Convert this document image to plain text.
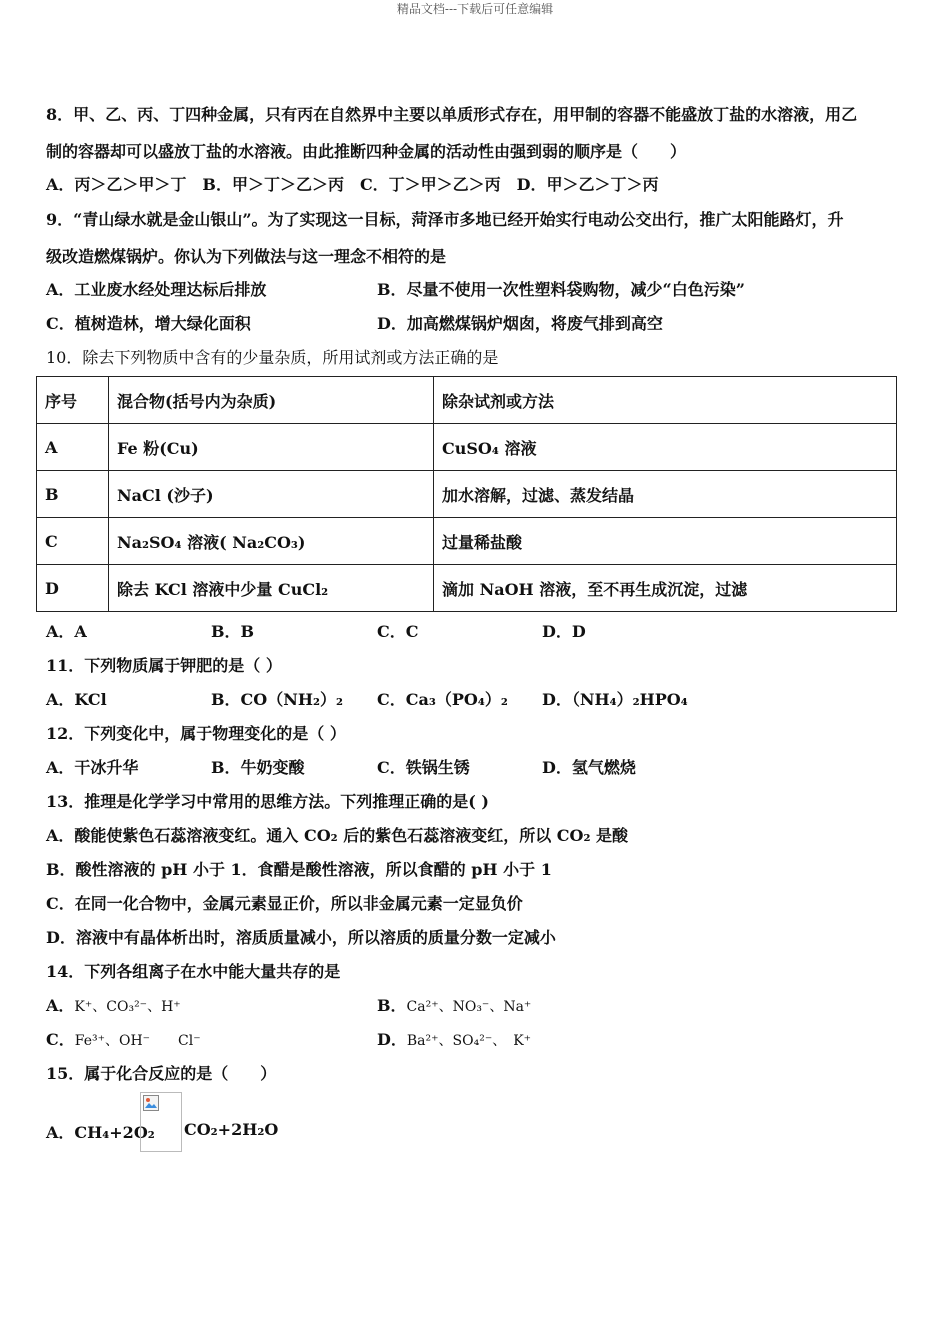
精品文档---下载后可任意编辑
8．甲、乙、丙、丁四种金属，只有丙在自然界中主要以单质形式存在，用甲制的容器不能盛放丁盐的水溶液，用乙
制的容器却可以盛放丁盐的水溶液。由此推断四种金属的活动性由强到弱的顺序是（　　）
A．丙＞乙＞甲＞丁　B．甲＞丁＞乙＞丙　C．丁＞甲＞乙＞丙　D．甲＞乙＞丁＞丙
9．“青山绿水就是金山银山”。为了实现这一目标，菏泽市多地已经开始实行电动公交出行，推广太阳能路灯，升
级改造燃煤锅炉。你认为下列做法与这一理念不相符的是
A．工业废水经处理达标后排放	B．尽量不使用一次性塑料袋购物，减少“白色污染”
C．植树造林，增大绿化面积	D．加高燃煤锅炉烟囱，将废气排到高空
10．除去下列物质中含有的少量杂质，所用试剂或方法正确的是
序号	混合物(括号内为杂质)	除杂试剂或方法
A	Fe 粉(Cu)	CuSO₄ 溶液
B	NaCl (沙子)	加水溶解，过滤、蒸发结晶
C	Na₂SO₄ 溶液( Na₂CO₃)	过量稀盐酸
D	除去 KCl 溶液中少量 CuCl₂	滴加 NaOH 溶液，至不再生成沉淀，过滤
A．A	B．B	C．C	D．D
11．下列物质属于钾肥的是（ ）
A．KCl	B．CO（NH₂）₂ C．Ca₃（PO₄）₂ D．（NH₄）₂HPO₄
12．下列变化中，属于物理变化的是（ ）
A．干冰升华	B．牛奶变酸	C．铁锅生锈	D．氢气燃烧
13．推理是化学学习中常用的思维方法。下列推理正确的是( )
A．酸能使紫色石蕊溶液变红。通入 CO₂ 后的紫色石蕊溶液变红，所以 CO₂ 是酸
B．酸性溶液的 pH 小于 1．食醋是酸性溶液，所以食醋的 pH 小于 1
C．在同一化合物中，金属元素显正价，所以非金属元素一定显负价
D．溶液中有晶体析出时，溶质质量减小，所以溶质的质量分数一定减小
14．下列各组离子在水中能大量共存的是
A．K⁺、CO₃²⁻、H⁺	B．Ca²⁺、NO₃⁻、Na⁺
C．Fe³⁺、OH⁻　　Cl⁻	D．Ba²⁺、SO₄²⁻、　K⁺
15．属于化合反应的是（　　）
A．CH₄+2O₂ CO₂+2H₂O
